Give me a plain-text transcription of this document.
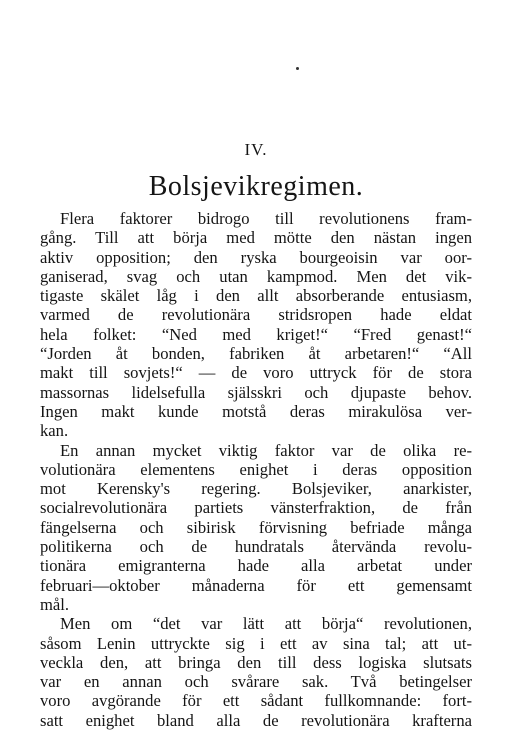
IV.
Bolsjevikregimen.
Flera faktorer bidrogo till revolutionens fram-
gång. Till att börja med mötte den nästan ingen
aktiv opposition; den ryska bourgeoisin var oor-
ganiserad, svag och utan kampmod. Men det vik-
tigaste skälet låg i den allt absorberande entusiasm,
varmed de revolutionära stridsropen hade eldat
hela folket: “Ned med kriget!“ “Fred genast!“
“Jorden åt bonden, fabriken åt arbetaren!“ “All
makt till sovjets!“ — de voro uttryck för de stora
massornas lidelsefulla själsskri och djupaste behov.
Ingen makt kunde motstå deras mirakulösa ver-
kan.
En annan mycket viktig faktor var de olika re-
volutionära elementens enighet i deras opposition
mot Kerensky's regering. Bolsjeviker, anarkister,
socialrevolutionära partiets vänsterfraktion, de från
fängelserna och sibirisk förvisning befriade många
politikerna och de hundratals återvända revolu-
tionära emigranterna hade alla arbetat under
februari—oktober månaderna för ett gemensamt
mål.
Men om “det var lätt att börja“ revolutionen,
såsom Lenin uttryckte sig i ett av sina tal; att ut-
veckla den, att bringa den till dess logiska slutsats
var en annan och svårare sak. Två betingelser
voro avgörande för ett sådant fullkomnande: fort-
satt enighet bland alla de revolutionära krafterna
